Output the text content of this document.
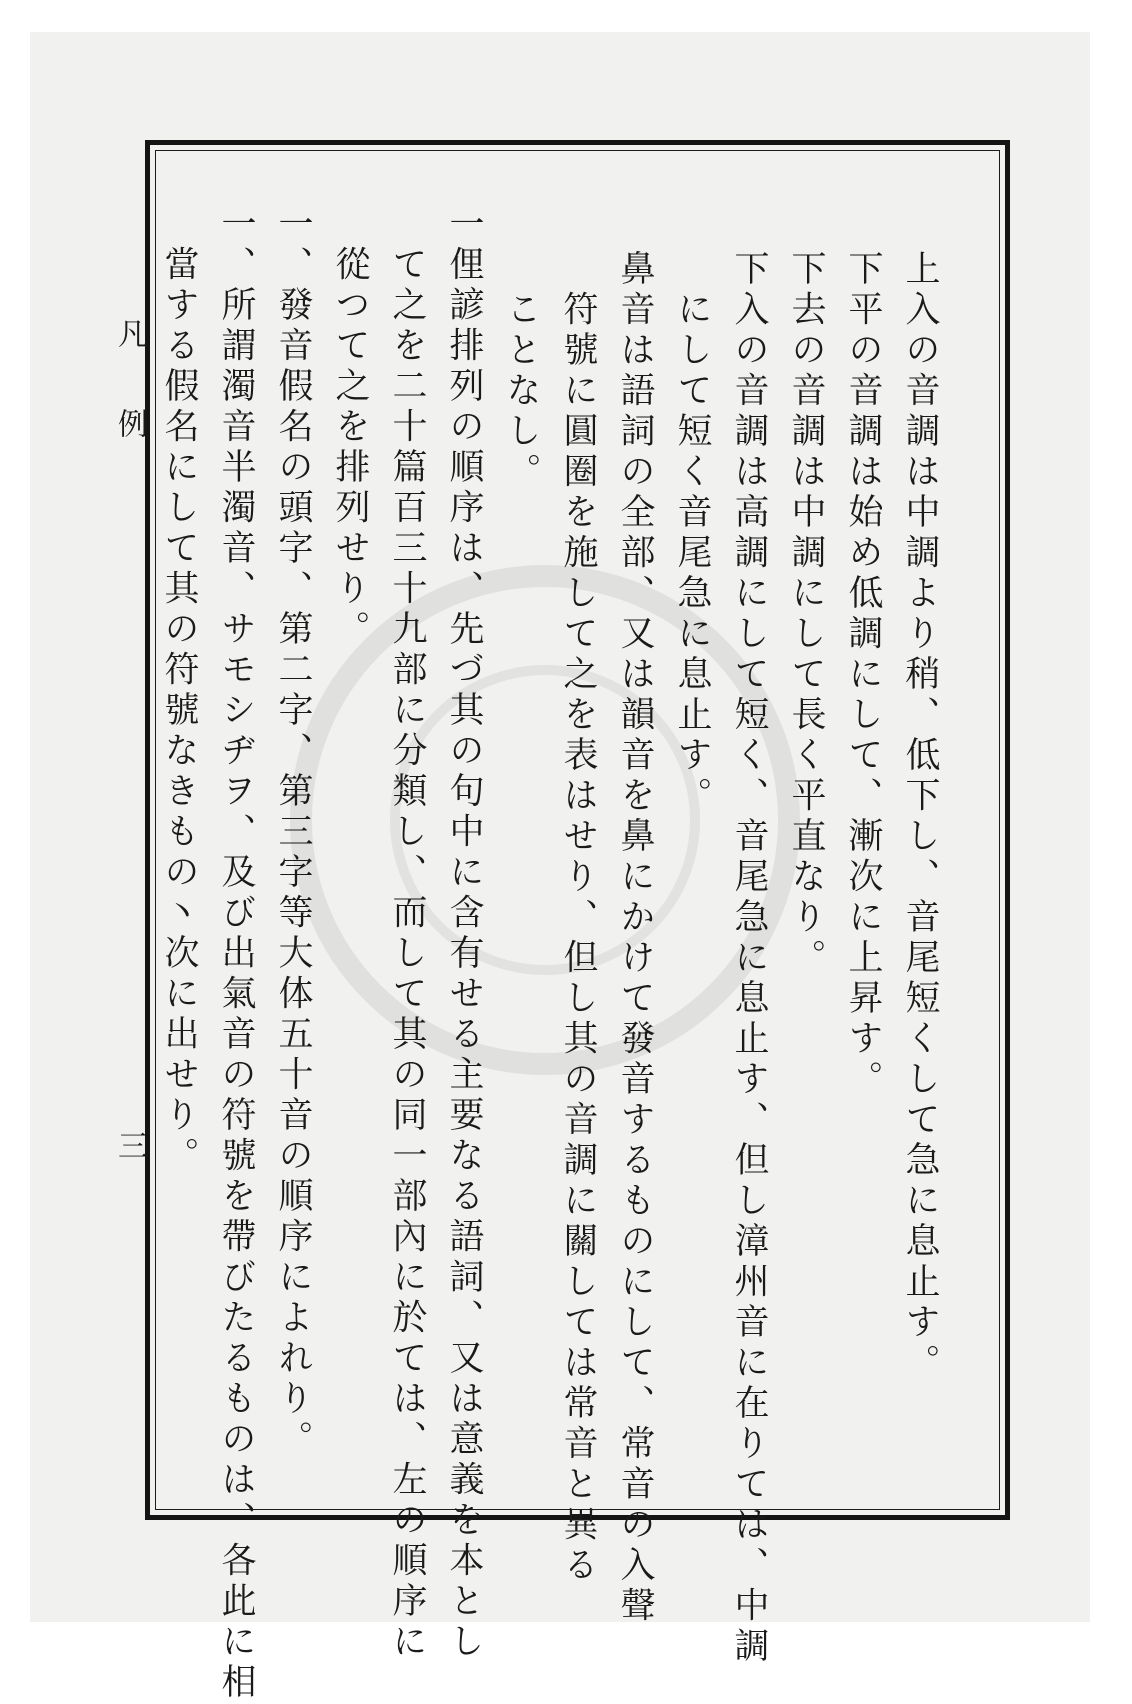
凡　　例
三	上入の音調は中調より稍、低下し、音尾短くして急に息止す。
下平の音調は始め低調にして、漸次に上昇す。
下去の音調は中調にして長く平直なり。
下入の音調は高調にして短く、音尾急に息止す、但し漳州音に在りては、中調
　にして短く音尾急に息止す。
鼻音は語詞の全部、又は韻音を鼻にかけて發音するものにして、常音の入聲
　符號に圓圈を施して之を表はせり、但し其の音調に關しては常音と異る
　ことなし。
一俚諺排列の順序は、先づ其の句中に含有せる主要なる語詞、又は意義を本とし
　て之を二十篇百三十九部に分類し、而して其の同一部內に於ては、左の順序に
　從つて之を排列せり。
一、發音假名の頭字、第二字、第三字等大体五十音の順序によれり。
一、所謂濁音半濁音、サモシヂヲ、及び出氣音の符號を帶びたるものは、各此に相
　當する假名にして其の符號なきもの丶次に出せり。
